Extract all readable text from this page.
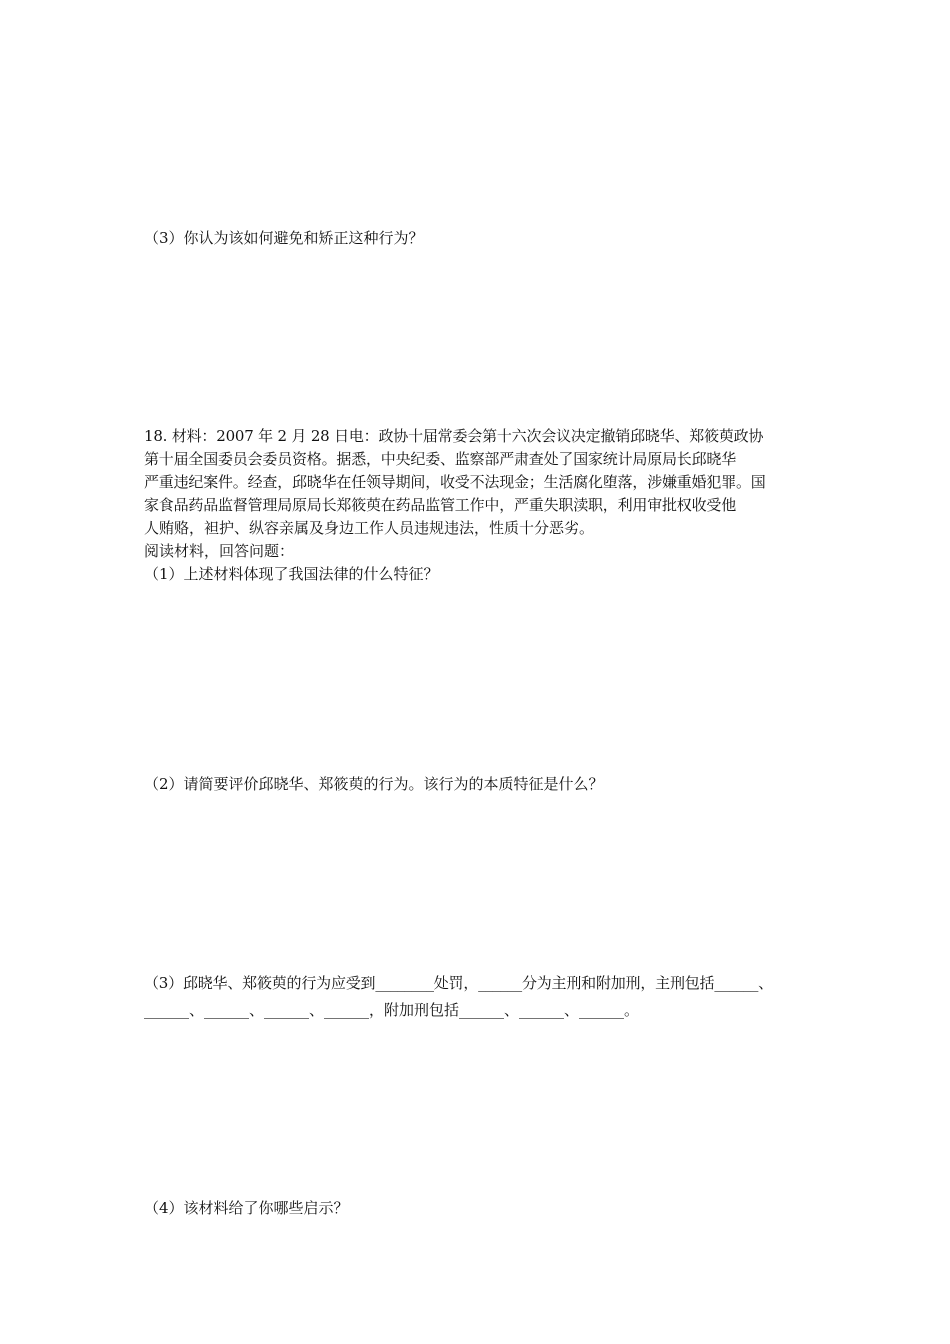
（3）你认为该如何避免和矫正这种行为？
18. 材料：2007 年 2 月 28 日电：政协十届常委会第十六次会议决定撤销邱晓华、郑筱萸政协
第十届全国委员会委员资格。据悉，中央纪委、监察部严肃查处了国家统计局原局长邱晓华
严重违纪案件。经查，邱晓华在任领导期间，收受不法现金；生活腐化堕落，涉嫌重婚犯罪。国
家食品药品监督管理局原局长郑筱萸在药品监管工作中，严重失职渎职，利用审批权收受他
人贿赂，袒护、纵容亲属及身边工作人员违规违法，性质十分恶劣。
阅读材料，回答问题：
（1）上述材料体现了我国法律的什么特征？
（2）请简要评价邱晓华、郑筱萸的行为。该行为的本质特征是什么？
（3）邱晓华、郑筱萸的行为应受到________处罚，______分为主刑和附加刑，主刑包括______、
______、______、______、______，附加刑包括______、______、______。
（4）该材料给了你哪些启示？
